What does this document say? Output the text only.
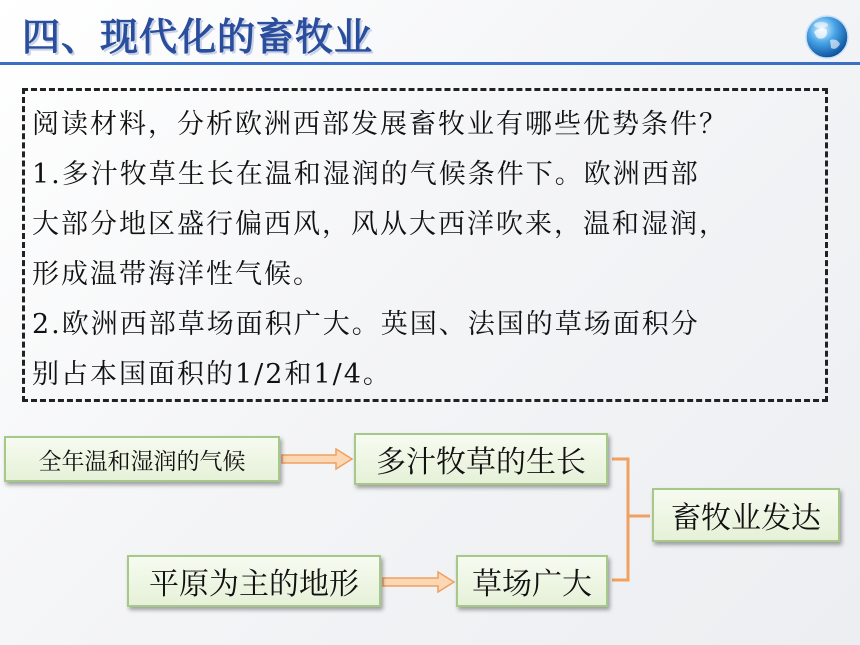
四、现代化的畜牧业

阅读材料，分析欧洲西部发展畜牧业有哪些优势条件？

1.多汁牧草生长在温和湿润的气候条件下。欧洲西部

大部分地区盛行偏西风，风从大西洋吹来，温和湿润，

形成温带海洋性气候。

2.欧洲西部草场面积广大。英国、法国的草场面积分

别占本国面积的1/2和1/4。

全年温和湿润的气候	多汁牧草的生长
畜牧业发达
平原为主的地形	草场广大
